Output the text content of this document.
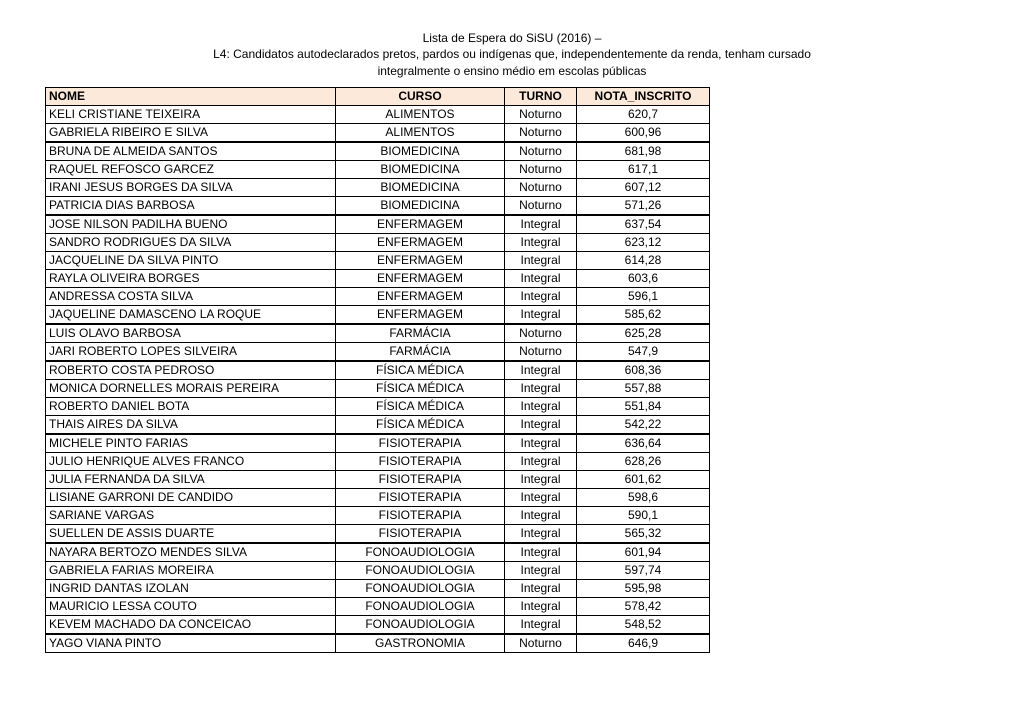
Lista de Espera do SiSU (2016) –
L4: Candidatos autodeclarados pretos, pardos ou indígenas que, independentemente da renda, tenham cursado
integralmente o ensino médio em escolas públicas
NOME	CURSO	TURNO	NOTA_INSCRITO
KELI CRISTIANE TEIXEIRA	ALIMENTOS	Noturno	620,7
GABRIELA RIBEIRO E SILVA	ALIMENTOS	Noturno	600,96
BRUNA DE ALMEIDA SANTOS	BIOMEDICINA	Noturno	681,98
RAQUEL REFOSCO GARCEZ	BIOMEDICINA	Noturno	617,1
IRANI JESUS BORGES DA SILVA	BIOMEDICINA	Noturno	607,12
PATRICIA DIAS BARBOSA	BIOMEDICINA	Noturno	571,26
JOSE NILSON PADILHA BUENO	ENFERMAGEM	Integral	637,54
SANDRO RODRIGUES DA SILVA	ENFERMAGEM	Integral	623,12
JACQUELINE DA SILVA PINTO	ENFERMAGEM	Integral	614,28
RAYLA OLIVEIRA BORGES	ENFERMAGEM	Integral	603,6
ANDRESSA COSTA SILVA	ENFERMAGEM	Integral	596,1
JAQUELINE DAMASCENO LA ROQUE	ENFERMAGEM	Integral	585,62
LUIS OLAVO BARBOSA	FARMÁCIA	Noturno	625,28
JARI ROBERTO LOPES SILVEIRA	FARMÁCIA	Noturno	547,9
ROBERTO COSTA PEDROSO	FÍSICA MÉDICA	Integral	608,36
MONICA DORNELLES MORAIS PEREIRA	FÍSICA MÉDICA	Integral	557,88
ROBERTO DANIEL BOTA	FÍSICA MÉDICA	Integral	551,84
THAIS AIRES DA SILVA	FÍSICA MÉDICA	Integral	542,22
MICHELE PINTO FARIAS	FISIOTERAPIA	Integral	636,64
JULIO HENRIQUE ALVES FRANCO	FISIOTERAPIA	Integral	628,26
JULIA FERNANDA DA SILVA	FISIOTERAPIA	Integral	601,62
LISIANE GARRONI DE CANDIDO	FISIOTERAPIA	Integral	598,6
SARIANE VARGAS	FISIOTERAPIA	Integral	590,1
SUELLEN DE ASSIS DUARTE	FISIOTERAPIA	Integral	565,32
NAYARA BERTOZO MENDES SILVA	FONOAUDIOLOGIA	Integral	601,94
GABRIELA FARIAS MOREIRA	FONOAUDIOLOGIA	Integral	597,74
INGRID DANTAS IZOLAN	FONOAUDIOLOGIA	Integral	595,98
MAURICIO LESSA COUTO	FONOAUDIOLOGIA	Integral	578,42
KEVEM MACHADO DA CONCEICAO	FONOAUDIOLOGIA	Integral	548,52
YAGO VIANA PINTO	GASTRONOMIA	Noturno	646,9
